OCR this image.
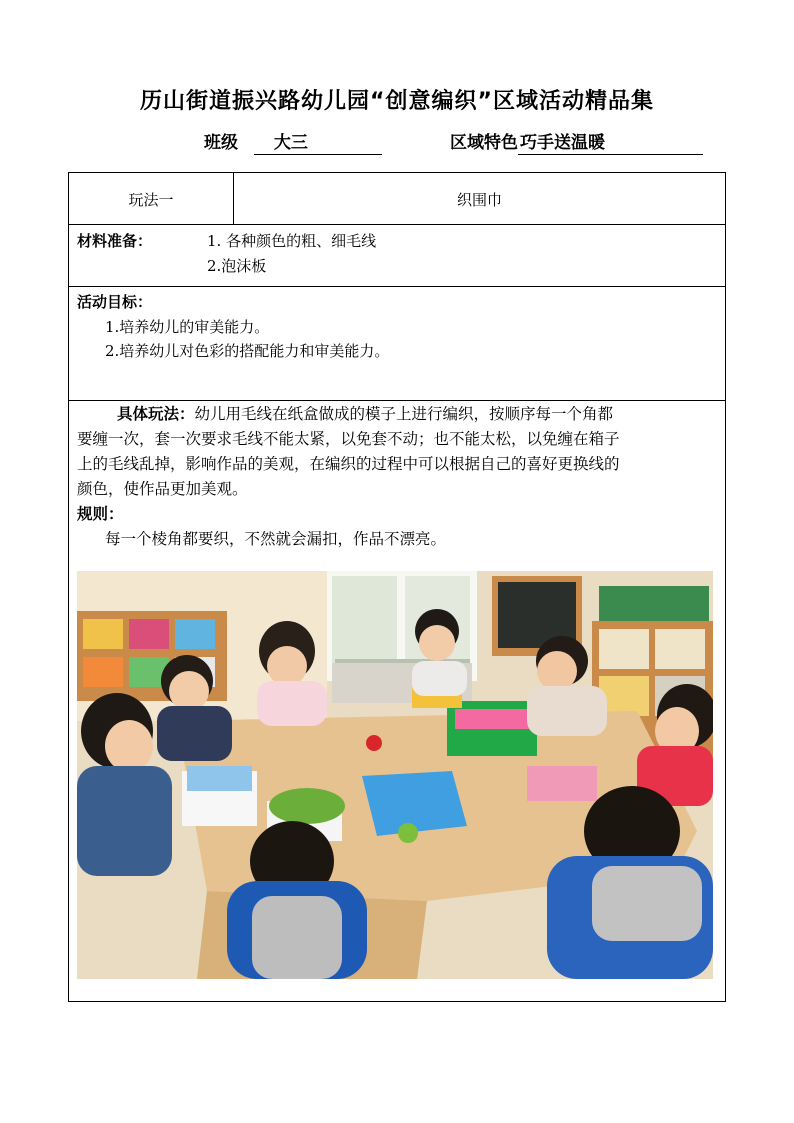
历山街道振兴路幼儿园“创意编织”区域活动精品集
班级 大三	区域特色 巧手送温暖
玩法一	织围巾
材料准备：	1. 各种颜色的粗、细毛线
2.泡沫板
活动目标：
1.培养幼儿的审美能力。
2.培养幼儿对色彩的搭配能力和审美能力。
具体玩法：幼儿用毛线在纸盒做成的模子上进行编织，按顺序每一个角都
要缠一次，套一次要求毛线不能太紧，以免套不动；也不能太松，以免缠在箱子
上的毛线乱掉，影响作品的美观，在编织的过程中可以根据自己的喜好更换线的
颜色，使作品更加美观。
规则：
每一个棱角都要织，不然就会漏扣，作品不漂亮。
